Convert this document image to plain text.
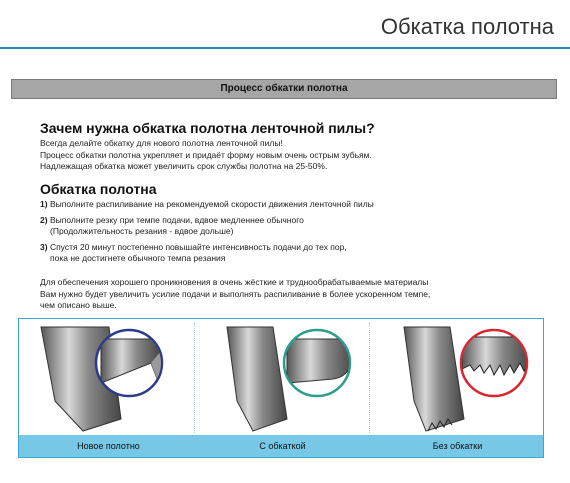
Обкатка полотна
Процесс обкатки полотна
Зачем нужна обкатка полотна ленточной пилы?
Всегда делайте обкатку для нового полотна ленточной пилы!
Процесс обкатки полотна укрепляет и придаёт форму новым очень острым зубьям.
Надлежащая обкатка может увеличить срок службы полотна на 25-50%.
Обкатка полотна
1) Выполните распиливание на рекомендуемой скорости движения ленточной пилы
2) Выполните резку при темпе подачи, вдвое медленнее обычного
(Продолжительность резания - вдвое дольше)
3) Спустя 20 минут постепенно повышайте интенсивность подачи до тех пор,
пока не достигнете обычного темпа резания
Для обеспечения хорошего проникновения в очень жёсткие и труднообрабатываемые материалы
Вам нужно будет увеличить усилие подачи и выполнять распиливание в более ускоренном темпе,
чем описано выше.
Новое полотно	С обкаткой	Без обкатки
